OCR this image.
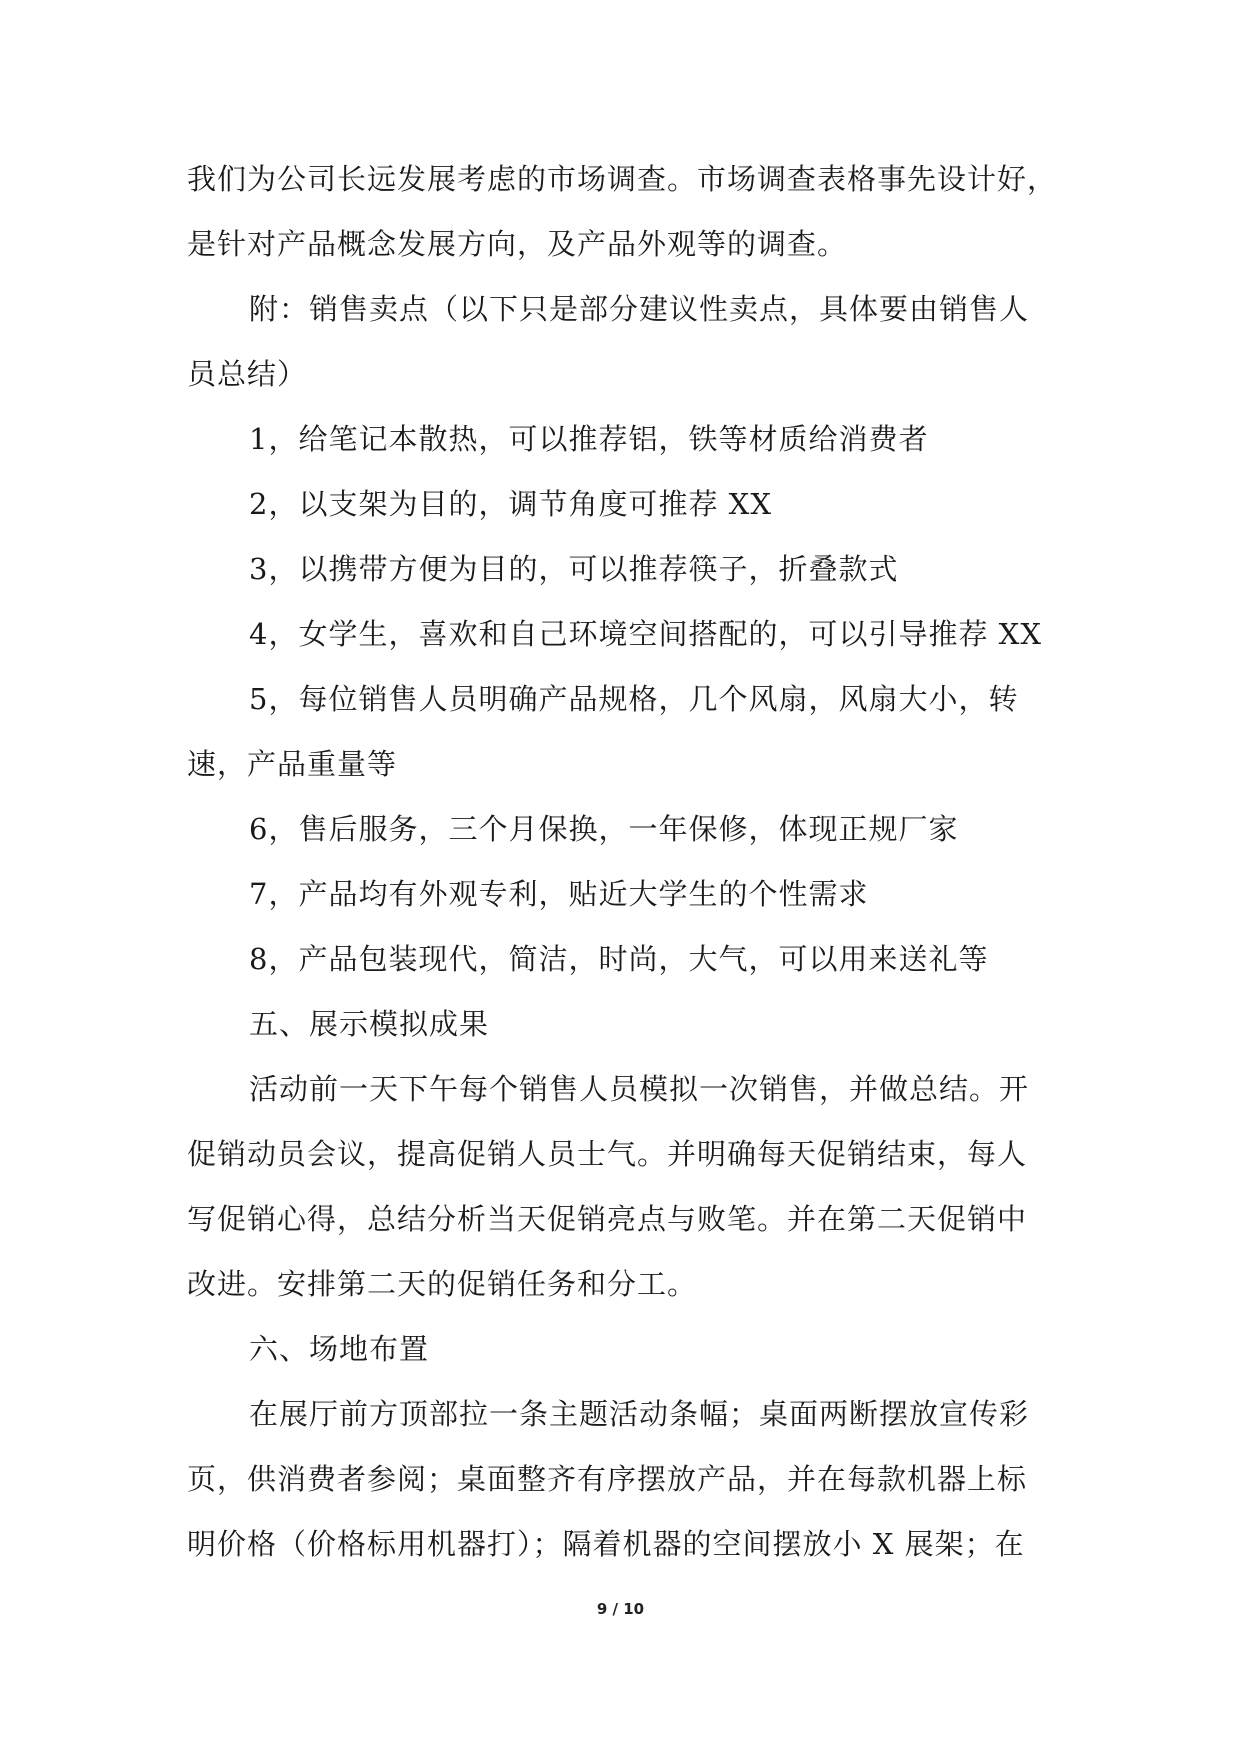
我们为公司长远发展考虑的市场调查。市场调查表格事先设计好，
是针对产品概念发展方向，及产品外观等的调查。
附：销售卖点（以下只是部分建议性卖点，具体要由销售人
员总结）
1，给笔记本散热，可以推荐铝，铁等材质给消费者
2，以支架为目的，调节角度可推荐 XX
3，以携带方便为目的，可以推荐筷子，折叠款式
4，女学生，喜欢和自己环境空间搭配的，可以引导推荐 XX
5，每位销售人员明确产品规格，几个风扇，风扇大小，转
速，产品重量等
6，售后服务，三个月保换，一年保修，体现正规厂家
7，产品均有外观专利，贴近大学生的个性需求
8，产品包装现代，简洁，时尚，大气，可以用来送礼等
五、展示模拟成果
活动前一天下午每个销售人员模拟一次销售，并做总结。开
促销动员会议，提高促销人员士气。并明确每天促销结束，每人
写促销心得，总结分析当天促销亮点与败笔。并在第二天促销中
改进。安排第二天的促销任务和分工。
六、场地布置
在展厅前方顶部拉一条主题活动条幅；桌面两断摆放宣传彩
页，供消费者参阅；桌面整齐有序摆放产品，并在每款机器上标
明价格（价格标用机器打）；隔着机器的空间摆放小 X 展架；在
9 / 10
